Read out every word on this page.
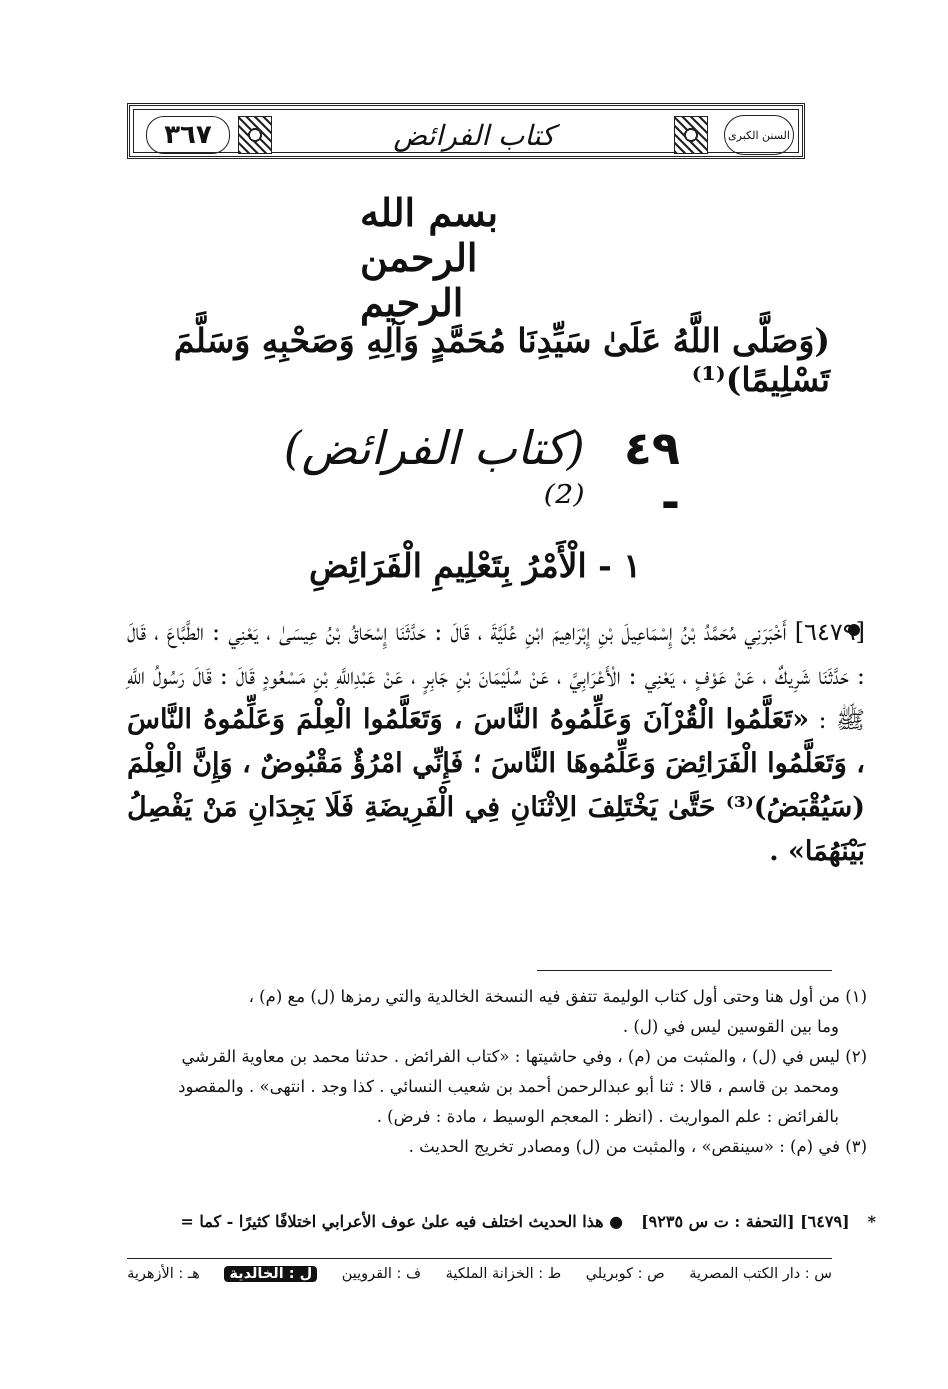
٣٦٧	كتاب الفرائض	السنن الكبرى
بسم الله الرحمن الرحيم
(وَصَلَّى اللَّهُ عَلَىٰ سَيِّدِنَا مُحَمَّدٍ وَآلِهِ وَصَحْبِهِ وَسَلَّمَ تَسْلِيمًا)⁽¹⁾
٤٩ -
(كتاب الفرائض)⁽²⁾
١ - الْأَمْرُ بِتَعْلِيمِ الْفَرَائِضِ
[٦٤٧٩] أَخْبَرَنِي مُحَمَّدُ بْنُ إِسْمَاعِيلَ بْنِ إِبْرَاهِيمَ ابْنِ عُلَيَّةَ ، قَالَ : حَدَّثَنَا إِسْحَاقُ بْنُ عِيسَىٰ ، يَعْنِي : الطَّبَّاعَ ، قَالَ : حَدَّثَنَا شَرِيكٌ ، عَنْ عَوْفٍ ، يَعْنِي : الْأَعْرَابِيَّ ، عَنْ سُلَيْمَانَ بْنِ جَابِرٍ ، عَنْ عَبْدِاللَّهِ بْنِ مَسْعُودٍ قَالَ : قَالَ رَسُولُ اللَّهِ ﷺ : «تَعَلَّمُوا الْقُرْآنَ وَعَلِّمُوهُ النَّاسَ ، وَتَعَلَّمُوا الْعِلْمَ وَعَلِّمُوهُ النَّاسَ ، وَتَعَلَّمُوا الْفَرَائِضَ وَعَلِّمُوهَا النَّاسَ ؛ فَإِنِّي امْرُؤٌ مَقْبُوضٌ ، وَإِنَّ الْعِلْمَ (سَيُقْبَضُ)⁽³⁾ حَتَّىٰ يَخْتَلِفَ الِاثْنَانِ فِي الْفَرِيضَةِ فَلَا يَجِدَانِ مَنْ يَفْصِلُ بَيْنَهُمَا» .

(١) من أول هنا وحتى أول كتاب الوليمة تتفق فيه النسخة الخالدية والتي رمزها (ل) مع (م) ،

وما بين القوسين ليس في (ل) .

(٢) ليس في (ل) ، والمثبت من (م) ، وفي حاشيتها : «كتاب الفرائض . حدثنا محمد بن معاوية القرشي

ومحمد بن قاسم ، قالا : ثنا أبو عبدالرحمن أحمد بن شعيب النسائي . كذا وجد . انتهى» . والمقصود

بالفرائض : علم المواريث . (انظر : المعجم الوسيط ، مادة : فرض) .

(٣) في (م) : «سينقص» ، والمثبت من (ل) ومصادر تخريج الحديث .

*
[٦٤٧٩] [التحفة : ت س ٩٢٣٥]
● هذا الحديث اختلف فيه علىٰ عوف الأعرابي اختلافًا كثيرًا - كما =
س : دار الكتب المصرية
ص : كوبريلي
ط : الخزانة الملكية
ف : القرويين
ل : الخالدية
هـ : الأزهرية
